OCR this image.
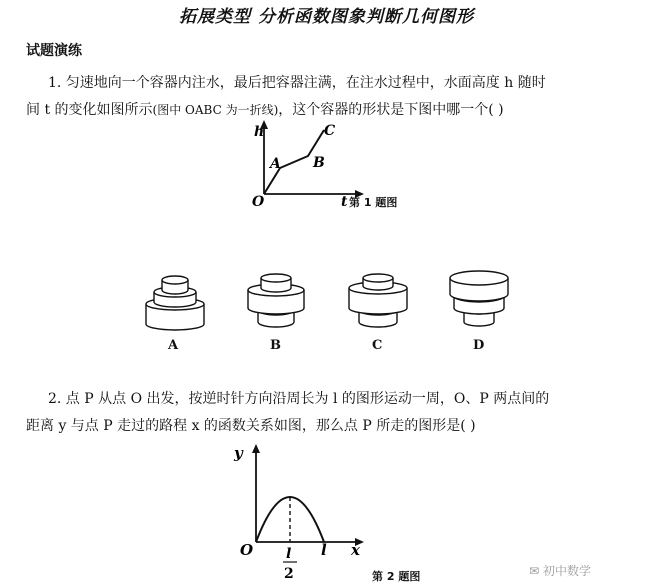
拓展类型 分析函数图象判断几何图形
试题演练
1. 匀速地向一个容器内注水，最后把容器注满，在注水过程中，水面高度 h 随时
间 t 的变化如图所示(图中 OABC 为一折线)，这个容器的形状是下图中哪一个( )
h
O	t
A B
C
第 1 题图
A	B	C	D
2. 点 P 从点 O 出发，按逆时针方向沿周长为 l 的图形运动一周，O、P 两点间的
距离 y 与点 P 走过的路程 x 的函数关系如图，那么点 P 所走的图形是( )
y
O l
2
l x
第 2 题图	✉ 初中数学
